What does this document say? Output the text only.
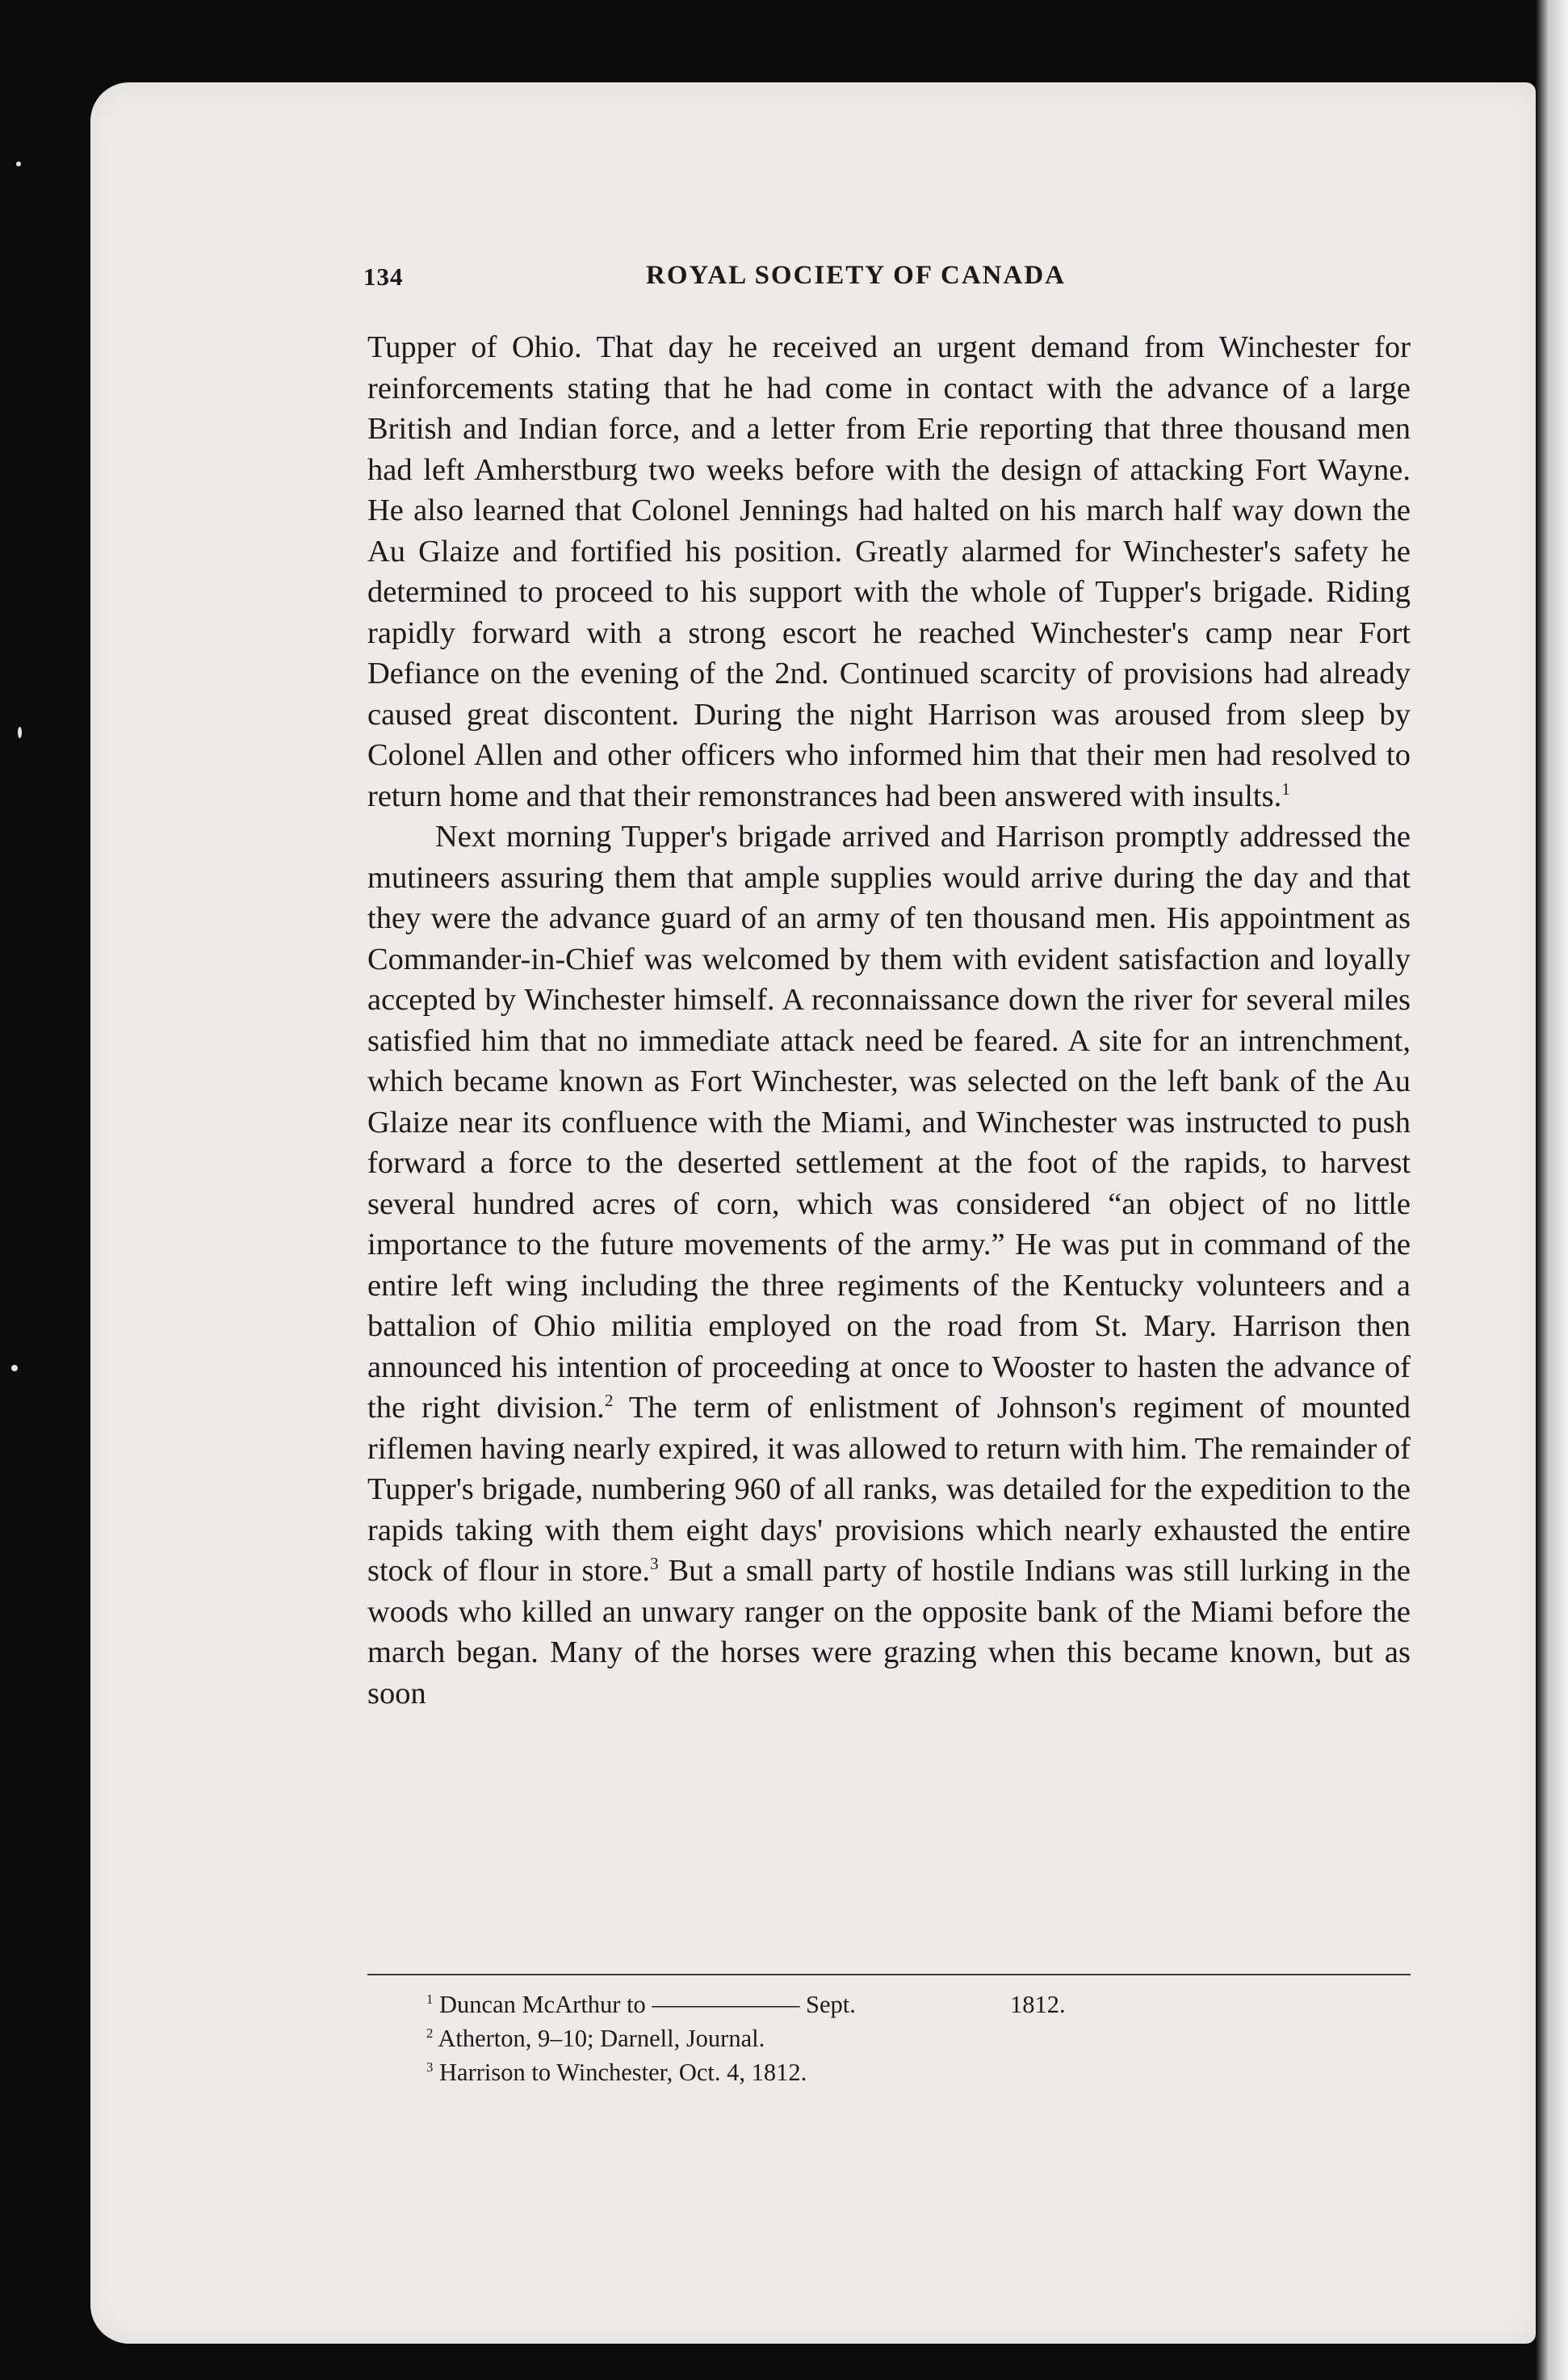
134	ROYAL SOCIETY OF CANADA

Tupper of Ohio. That day he received an urgent demand from Winchester for reinforcements stating that he had come in contact with the advance of a large British and Indian force, and a letter from Erie reporting that three thousand men had left Amherstburg two weeks before with the design of attacking Fort Wayne. He also learned that Colonel Jennings had halted on his march half way down the Au Glaize and fortified his position. Greatly alarmed for Winchester's safety he determined to proceed to his support with the whole of Tupper's brigade. Riding rapidly forward with a strong escort he reached Winchester's camp near Fort Defiance on the evening of the 2nd. Continued scarcity of provisions had already caused great discontent. During the night Harrison was aroused from sleep by Colonel Allen and other officers who informed him that their men had resolved to return home and that their remonstrances had been answered with insults.$^1$

Next morning Tupper's brigade arrived and Harrison promptly addressed the mutineers assuring them that ample supplies would arrive during the day and that they were the advance guard of an army of ten thousand men. His appointment as Commander-in-Chief was welcomed by them with evident satisfaction and loyally accepted by Winchester himself. A reconnaissance down the river for several miles satisfied him that no immediate attack need be feared. A site for an intrenchment, which became known as Fort Winchester, was selected on the left bank of the Au Glaize near its confluence with the Miami, and Winchester was instructed to push forward a force to the deserted settlement at the foot of the rapids, to harvest several hundred acres of corn, which was considered “an object of no little importance to the future movements of the army.” He was put in command of the entire left wing including the three regiments of the Kentucky volunteers and a battalion of Ohio militia employed on the road from St. Mary. Harrison then announced his intention of proceeding at once to Wooster to hasten the advance of the right division.$^2$ The term of enlistment of Johnson's regiment of mounted riflemen having nearly expired, it was allowed to return with him. The remainder of Tupper's brigade, numbering 960 of all ranks, was detailed for the expedition to the rapids taking with them eight days' provisions which nearly exhausted the entire stock of flour in store.$^3$ But a small party of hostile Indians was still lurking in the woods who killed an unwary ranger on the opposite bank of the Miami before the march began. Many of the horses were grazing when this became known, but as soon

$^1$ Duncan McArthur to —————— Sept.	1812.
$^2$ Atherton, 9–10; Darnell, Journal.
$^3$ Harrison to Winchester, Oct. 4, 1812.
